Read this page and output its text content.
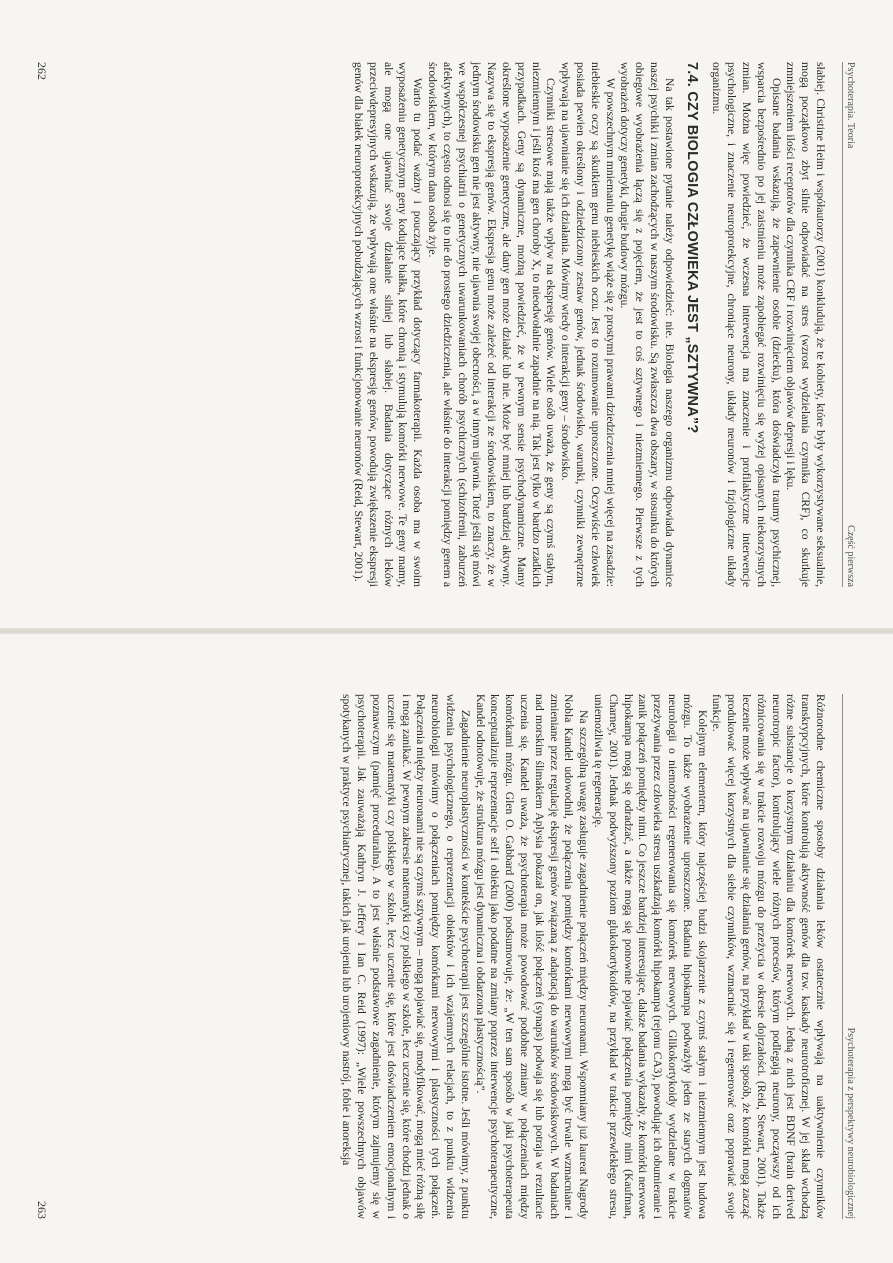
Psychoterapia. Teoria
Część pierwsza

słabiej. Christine Heim i współautorzy (2001) konkludują, że te kobiety, które były wykorzystywane seksualnie, mogą początkowo zbyt silnie odpowiadać na stres (wzrost wydzielania czynnika CRF), co skutkuje zmniejszeniem ilości receptorów dla czynnika CRF i rozwinięciem objawów depresji i lęku.

Opisane badania wskazują, że zapewnienie osobie (dziecku), która doświadczyła traumy psychicznej, wsparcia bezpośrednio po jej zaistnieniu może zapobiegać rozwinięciu się wyżej opisanych niekorzystnych zmian. Można więc powiedzieć, że wczesna interwencja ma znaczenie i profilaktyczne interwencje psychologiczne, i znaczenie neuroprotekcyjne, chroniące neurony, układy neuronów i fizjologiczne układy organizmu.

7.4. CZY BIOLOGIA CZŁOWIEKA JEST „SZTYWNA”?

Na tak postawione pytanie należy odpowiedzieć: nie. Biologia naszego organizmu odpowiada dynamice naszej psychiki i zmian zachodzących w naszym środowisku. Są zwłaszcza dwa obszary, w stosunku do których obiegowe wyobrażenia łączą się z pojęciem, że jest to coś sztywnego i niezmiennego. Pierwsze z tych wyobrażeń dotyczy genetyki, drugie budowy mózgu.

W powszechnym mniemaniu genetykę wiąże się z prostymi prawami dziedziczenia mniej więcej na zasadzie: niebieskie oczy są skutkiem genu niebieskich oczu. Jest to rozumowanie uproszczone. Oczywiście człowiek posiada pewien określony i odziedziczony zestaw genów, jednak środowisko, warunki, czynniki zewnętrzne wpływają na ujawnianie się ich działania. Mówimy wtedy o interakcji geny – środowisko.

Czynniki stresowe mają także wpływ na ekspresję genów. Wiele osób uważa, że geny są czymś stałym, niezmiennym i jeśli ktoś ma gen choroby X, to nieodwołalnie zapadnie na nią. Tak jest tylko w bardzo rzadkich przypadkach. Geny są dynamiczne, możną powiedzieć, że w pewnym sensie psychodynamiczne. Mamy określone wyposażenie genetyczne, ale dany gen może działać lub nie. Może być mniej lub bardziej aktywny. Nazywa się to ekspresją genów. Ekspresja genu może zależeć od interakcji ze środowiskiem, to znaczy, że w jednym środowisku gen nie jest aktywny, nie ujawnia swojej obecności, a w innym ujawnia. Toteż jeśli się mówi we współczesnej psychiatrii o genetycznych uwarunkowaniach chorób psychicznych (schizofrenii, zaburzeń afektywnych), to często odnosi się to nie do prostego dziedziczenia, ale właśnie do interakcji pomiędzy genem a środowiskiem, w którym dana osoba żyje.

Warto tu podać ważny i pouczający przykład dotyczący farmakoterapii. Każda osoba ma w swoim wyposażeniu genetycznym geny kodujące białka, które chronią i stymulują komórki nerwowe. Te geny mamy, ale mogą one ujawniać swoje działanie silniej lub słabiej. Badania dotyczące różnych leków przeciwdepresyjnych wskazują, że wpływają one właśnie na ekspresję genów, powodują zwiększenie ekspresji genów dla białek neuroprotekcyjnych pobudzających wzrost i funkcjonowanie neuronów (Reid, Stewart, 2001).

262
Psychoterapia z perspektywy neurobiologicznej

Różnorodne chemiczne sposoby działania leków ostatecznie wpływają na uaktywnienie czynników transkrypcyjnych, które kontrolują aktywność genów dla tzw. kaskady neurotroficznej. W jej skład wchodzą różne substancje o korzystnym działaniu dla komórek nerwowych. Jedną z nich jest BDNF (brain derived neurotropic factor), kontrolujący wiele różnych procesów, którym podlegają neurony, począwszy od ich różnicowania się w trakcie rozwoju mózgu do przeżycia w okresie dojrzałości. (Reid, Stewart, 2001). Także leczenie może wpływać na ujawnianie się działania genów, na przykład w taki sposób, że komórki mogą zacząć produkować więcej korzystnych dla siebie czynników, wzmacniać się i regenerować oraz poprawiać swoje funkcje.

Kolejnym elementem, który najczęściej budzi skojarzenie z czymś stałym i niezmiennym jest budowa mózgu. To także wyobrażenie uproszczone. Badania hipokampa podważyły jeden ze starych dogmatów neurologii o niemożności regenerowania się komórek nerwowych. Glikokortykoidy wydzielane w trakcie przeżywania przez człowieka stresu uszkadzają komórki hipokampa (rejonu CA3), powodując ich obumieranie i zanik połączeń pomiędzy nimi. Co jeszcze bardziej interesujące, dalsze badania wykazały, że komórki nerwowe hipokampa mogą się odradzać, a także mogą się ponownie pojawiać połączenia pomiędzy nimi (Kaufman, Charney, 2001). Jednak podwyższony poziom glukokortykoidów, na przykład w trakcie przewlekłego stresu, uniemożliwia tę regenerację.

Na szczególną uwagę zasługuje zagadnienie połączeń między neuronami. Wspomniany już laureat Nagrody Nobla Kandel udowodnił, że połączenia pomiędzy komórkami nerwowymi mogą być trwale wzmacniane i zmieniane przez regulację ekspresji genów związaną z adaptacją do warunków środowiskowych. W badaniach nad morskim ślimakiem Aplysia pokazał on, jak ilość połączeń (synaps) podwaja się lub potraja w rezultacie uczenia się. Kandel uważa, że psychoterapia może powodować podobne zmiany w połączeniach między komórkami mózgu. Glen O. Gabbard (2000) podsumowuje, że: „W ten sam sposób w jaki psychoterapeuta konceptualizuje reprezentacje self i obiektu jako podatne na zmiany poprzez interwencje psychoterapeutyczne, Kandel odnotowuje, że struktura mózgu jest dynamiczna i obdarzona plastycznością”.

Zagadnienie neuroplastyczności w kontekście psychoterapii jest szczególnie istotne. Jeśli mówimy, z punktu widzenia psychologicznego, o reprezentacji obiektów i ich wzajemnych relacjach, to z punktu widzenia neurobiologii mówimy o połączeniach pomiędzy komórkami nerwowymi i plastyczności tych połączeń. Połączenia między neuronami nie są czymś sztywnym – mogą pojawiać się, modyfikować, mogą mieć różną siłę i mogą zanikać. W pewnym zakresie matematyki czy polskiego w szkole, lecz uczenie się, które chodzi jednak o uczenie się matematyki czy polskiego w szkole, lecz uczenie się, które jest doświadczeniem emocjonalnym i poznawczym (pamięć proceduralna). A to jest właśnie podstawowe zagadnienie, którym zajmujemy się w psychoterapii. Jak zauważają Kathryn J. Jeffery i Ian C. Reid (1997): „Wiele powszechnych objawów spotykanych w praktyce psychiatrycznej, takich jak urojenia lub urojeniowy nastrój, fobie i anoreksja

263
